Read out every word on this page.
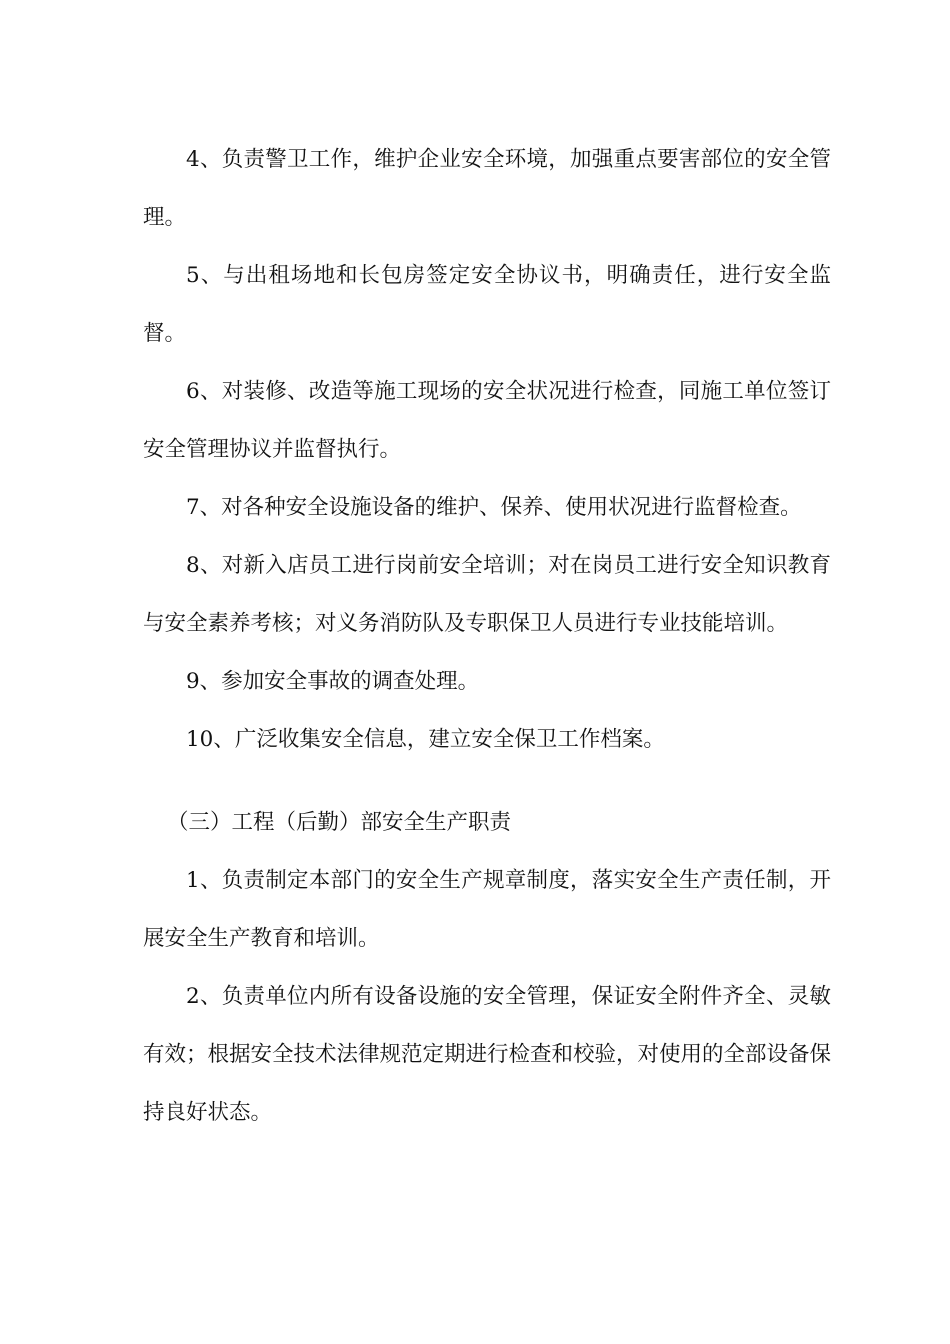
4、负责警卫工作，维护企业安全环境，加强重点要害部位的安全管理。

5、与出租场地和长包房签定安全协议书，明确责任，进行安全监督。

6、对装修、改造等施工现场的安全状况进行检查，同施工单位签订安全管理协议并监督执行。

7、对各种安全设施设备的维护、保养、使用状况进行监督检查。

8、对新入店员工进行岗前安全培训；对在岗员工进行安全知识教育与安全素养考核；对义务消防队及专职保卫人员进行专业技能培训。

9、参加安全事故的调查处理。

10、广泛收集安全信息，建立安全保卫工作档案。

（三）工程（后勤）部安全生产职责

1、负责制定本部门的安全生产规章制度，落实安全生产责任制，开展安全生产教育和培训。

2、负责单位内所有设备设施的安全管理，保证安全附件齐全、灵敏有效；根据安全技术法律规范定期进行检查和校验，对使用的全部设备保持良好状态。
